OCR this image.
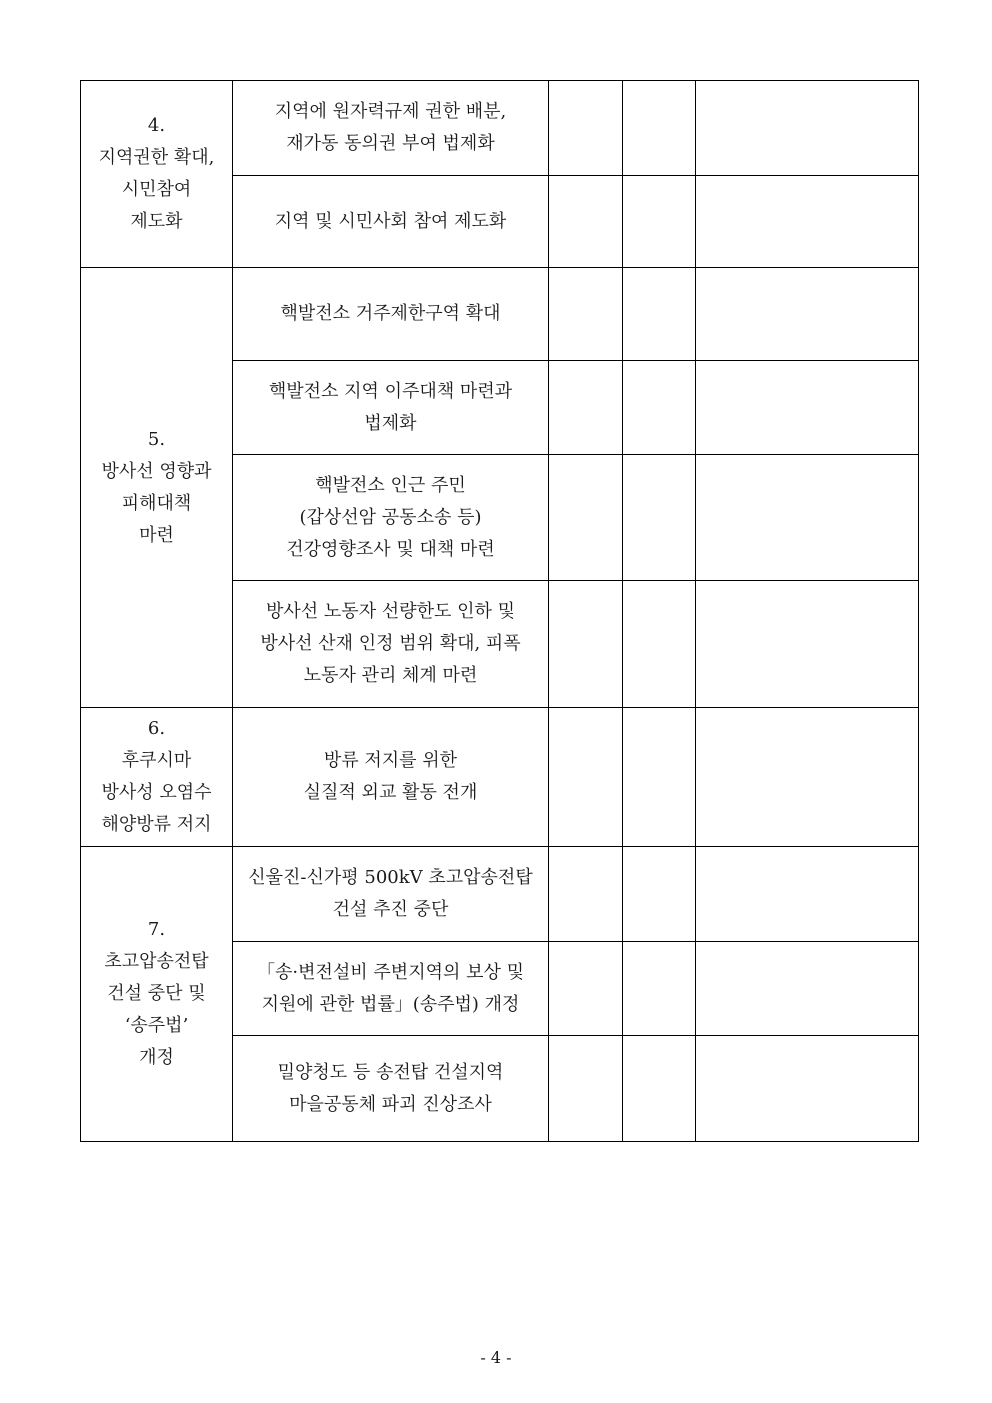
4.
지역권한 확대,
시민참여
제도화	지역에 원자력규제 권한 배분,
재가동 동의권 부여 법제화			
	지역 및 시민사회 참여 제도화			
5.
방사선 영향과
피해대책
마련	핵발전소 거주제한구역 확대			
	핵발전소 지역 이주대책 마련과
법제화			
	핵발전소 인근 주민
(갑상선암 공동소송 등)
건강영향조사 및 대책 마련			
	방사선 노동자 선량한도 인하 및
방사선 산재 인정 범위 확대, 피폭
노동자 관리 체계 마련			
6.
후쿠시마
방사성 오염수
해양방류 저지	방류 저지를 위한
실질적 외교 활동 전개			
7.
초고압송전탑
건설 중단 및
‘송주법’
개정	신울진-신가평 500kV 초고압송전탑
건설 추진 중단			
	「송·변전설비 주변지역의 보상 및
지원에 관한 법률」(송주법) 개정			
	밀양청도 등 송전탑 건설지역
마을공동체 파괴 진상조사			
- 4 -
